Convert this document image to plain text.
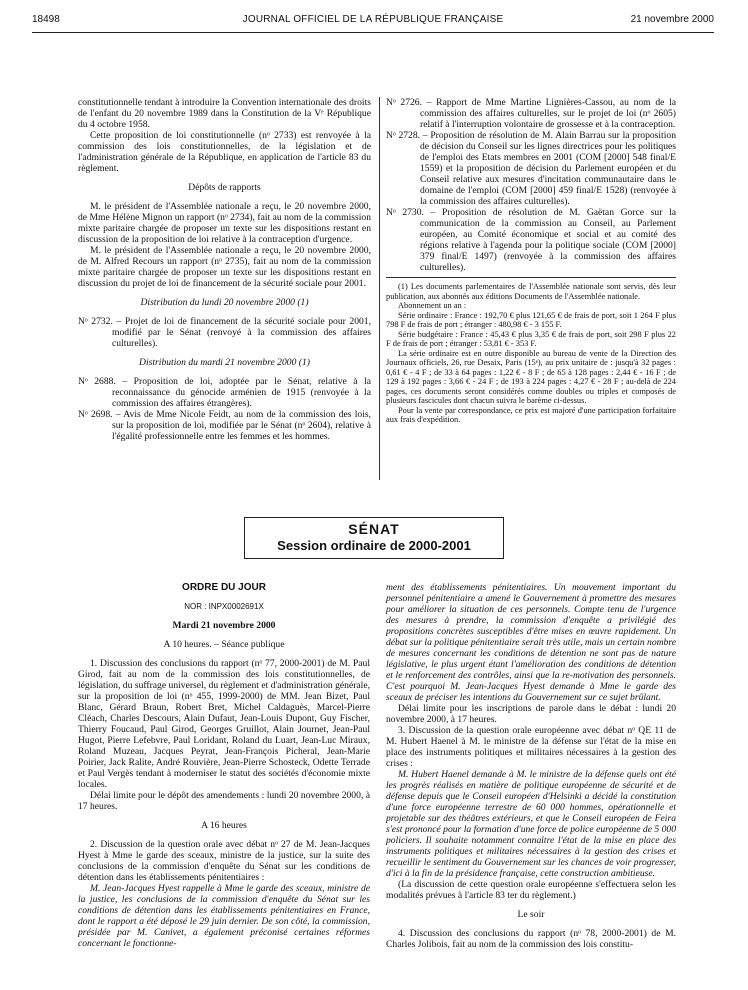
18498	JOURNAL OFFICIEL DE LA RÉPUBLIQUE FRANÇAISE	21 novembre 2000

constitutionnelle tendant à introduire la Convention internationale des droits de l'enfant du 20 novembre 1989 dans la Constitution de la Vᵉ République du 4 octobre 1958.

Cette proposition de loi constitutionnelle (nᵒ 2733) est renvoyée à la commission des lois constitutionnelles, de la législation et de l'administration générale de la République, en application de l'article 83 du règlement.

Dépôts de rapports

M. le président de l'Assemblée nationale a reçu, le 20 novembre 2000, de Mme Hélène Mignon un rapport (nᵒ 2734), fait au nom de la commission mixte paritaire chargée de proposer un texte sur les dispositions restant en discussion de la proposition de loi relative à la contraception d'urgence.

M. le président de l'Assemblée nationale a reçu, le 20 novembre 2000, de M. Alfred Recours un rapport (nᵒ 2735), fait au nom de la commission mixte paritaire chargée de proposer un texte sur les dispositions restant en discussion du projet de loi de financement de la sécurité sociale pour 2001.

Distribution du lundi 20 novembre 2000 (1)

Nᵒ 2732. – Projet de loi de financement de la sécurité sociale pour 2001, modifié par le Sénat (renvoyé à la commission des affaires culturelles).

Distribution du mardi 21 novembre 2000 (1)

Nᵒ 2688. – Proposition de loi, adoptée par le Sénat, relative à la reconnaissance du génocide arménien de 1915 (renvoyée à la commission des affaires étrangères).

Nᵒ 2698. – Avis de Mme Nicole Feidt, au nom de la commission des lois, sur la proposition de loi, modifiée par le Sénat (nᵒ 2604), relative à l'égalité professionnelle entre les femmes et les hommes.

Nᵒ 2726. – Rapport de Mme Martine Lignières-Cassou, au nom de la commission des affaires culturelles, sur le projet de loi (nᵒ 2605) relatif à l'interruption volontaire de grossesse et à la contraception.

Nᵒ 2728. – Proposition de résolution de M. Alain Barrau sur la proposition de décision du Conseil sur les lignes directrices pour les politiques de l'emploi des Etats membres en 2001 (COM [2000] 548 final/E 1559) et la proposition de décision du Parlement européen et du Conseil relative aux mesures d'incitation communautaire dans le domaine de l'emploi (COM [2000] 459 final/E 1528) (renvoyée à la commission des affaires culturelles).

Nᵒ 2730. – Proposition de résolution de M. Gaëtan Gorce sur la communication de la commission au Conseil, au Parlement européen, au Comité économique et social et au comité des régions relative à l'agenda pour la politique sociale (COM [2000] 379 final/E 1497) (renvoyée à la commission des affaires culturelles).

(1) Les documents parlementaires de l'Assemblée nationale sont servis, dès leur publication, aux abonnés aux éditions Documents de l'Assemblée nationale.

Abonnement un an :

Série ordinaire : France : 192,70 € plus 121,65 € de frais de port, soit 1 264 F plus 798 F de frais de port ; étranger : 480,98 € - 3 155 F.

Série budgétaire : France : 45,43 € plus 3,35 € de frais de port, soit 298 F plus 22 F de frais de port ; étranger : 53,81 € - 353 F.

La série ordinaire est en outre disponible au bureau de vente de la Direction des Journaux officiels, 26, rue Desaix, Paris (15ᵉ), au prix unitaire de : jusqu'à 32 pages : 0,61 € - 4 F ; de 33 à 64 pages : 1,22 € - 8 F ; de 65 à 128 pages : 2,44 € - 16 F ; de 129 à 192 pages : 3,66 € - 24 F ; de 193 à 224 pages : 4,27 € - 28 F ; au-delà de 224 pages, ces documents seront considérés comme doubles ou triples et composés de plusieurs fascicules dont chacun suivra le barème ci-dessus.

Pour la vente par correspondance, ce prix est majoré d'une participation forfaitaire aux frais d'expédition.

SÉNAT
Session ordinaire de 2000-2001

ORDRE DU JOUR

NOR : INPX0002691X

Mardi 21 novembre 2000

A 10 heures. – Séance publique

1. Discussion des conclusions du rapport (nᵒ 77, 2000-2001) de M. Paul Girod, fait au nom de la commission des lois constitutionnelles, de législation, du suffrage universel, du règlement et d'administration générale, sur la proposition de loi (nᵒ 455, 1999-2000) de MM. Jean Bizet, Paul Blanc, Gérard Braun, Robert Bret, Michel Caldaguès, Marcel-Pierre Cléach, Charles Descours, Alain Dufaut, Jean-Louis Dupont, Guy Fischer, Thierry Foucaud, Paul Girod, Georges Gruillot, Alain Journet, Jean-Paul Hugot, Pierre Lefebvre, Paul Loridant, Roland du Luart, Jean-Luc Miraux, Roland Muzeau, Jacques Peyrat, Jean-François Picheral, Jean-Marie Poirier, Jack Ralite, André Rouvière, Jean-Pierre Schosteck, Odette Terrade et Paul Vergès tendant à moderniser le statut des sociétés d'économie mixte locales.

Délai limite pour le dépôt des amendements : lundi 20 novembre 2000, à 17 heures.

A 16 heures

2. Discussion de la question orale avec débat nᵒ 27 de M. Jean-Jacques Hyest à Mme le garde des sceaux, ministre de la justice, sur la suite des conclusions de la commission d'enquête du Sénat sur les conditions de détention dans les établissements pénitentiaires :

M. Jean-Jacques Hyest rappelle à Mme le garde des sceaux, ministre de la justice, les conclusions de la commission d'enquête du Sénat sur les conditions de détention dans les établissements pénitentiaires en France, dont le rapport a été déposé le 29 juin dernier. De son côté, la commission, présidée par M. Canivet, a également préconisé certaines réformes concernant le fonctionne-

ment des établissements pénitentiaires. Un mouvement important du personnel pénitentiaire a amené le Gouvernement à promettre des mesures pour améliorer la situation de ces personnels. Compte tenu de l'urgence des mesures à prendre, la commission d'enquête a privilégié des propositions concrètes susceptibles d'être mises en œuvre rapidement. Un débat sur la politique pénitentiaire serait très utile, mais un certain nombre de mesures concernant les conditions de détention ne sont pas de nature législative, le plus urgent étant l'amélioration des conditions de détention et le renforcement des contrôles, ainsi que la re-motivation des personnels. C'est pourquoi M. Jean-Jacques Hyest demande à Mme le garde des sceaux de préciser les intentions du Gouvernement sur ce sujet brûlant.

Délai limite pour les inscriptions de parole dans le débat : lundi 20 novembre 2000, à 17 heures.

3. Discussion de la question orale européenne avec débat nᵒ QE 11 de M. Hubert Haenel à M. le ministre de la défense sur l'état de la mise en place des instruments politiques et militaires nécessaires à la gestion des crises :

M. Hubert Haenel demande à M. le ministre de la défense quels ont été les progrès réalisés en matière de politique européenne de sécurité et de défense depuis que le Conseil européen d'Helsinki a décidé la constitution d'une force européenne terrestre de 60 000 hommes, opérationnelle et projetable sur des théâtres extérieurs, et que le Conseil européen de Feira s'est prononcé pour la formation d'une force de police européenne de 5 000 policiers. Il souhaite notamment connaître l'état de la mise en place des instruments politiques et militaires nécessaires à la gestion des crises et recueillir le sentiment du Gouvernement sur les chances de voir progresser, d'ici à la fin de la présidence française, cette construction ambitieuse.

(La discussion de cette question orale européenne s'effectuera selon les modalités prévues à l'article 83 ter du règlement.)

Le soir

4. Discussion des conclusions du rapport (nᵒ 78, 2000-2001) de M. Charles Jolibois, fait au nom de la commission des lois constitu-
